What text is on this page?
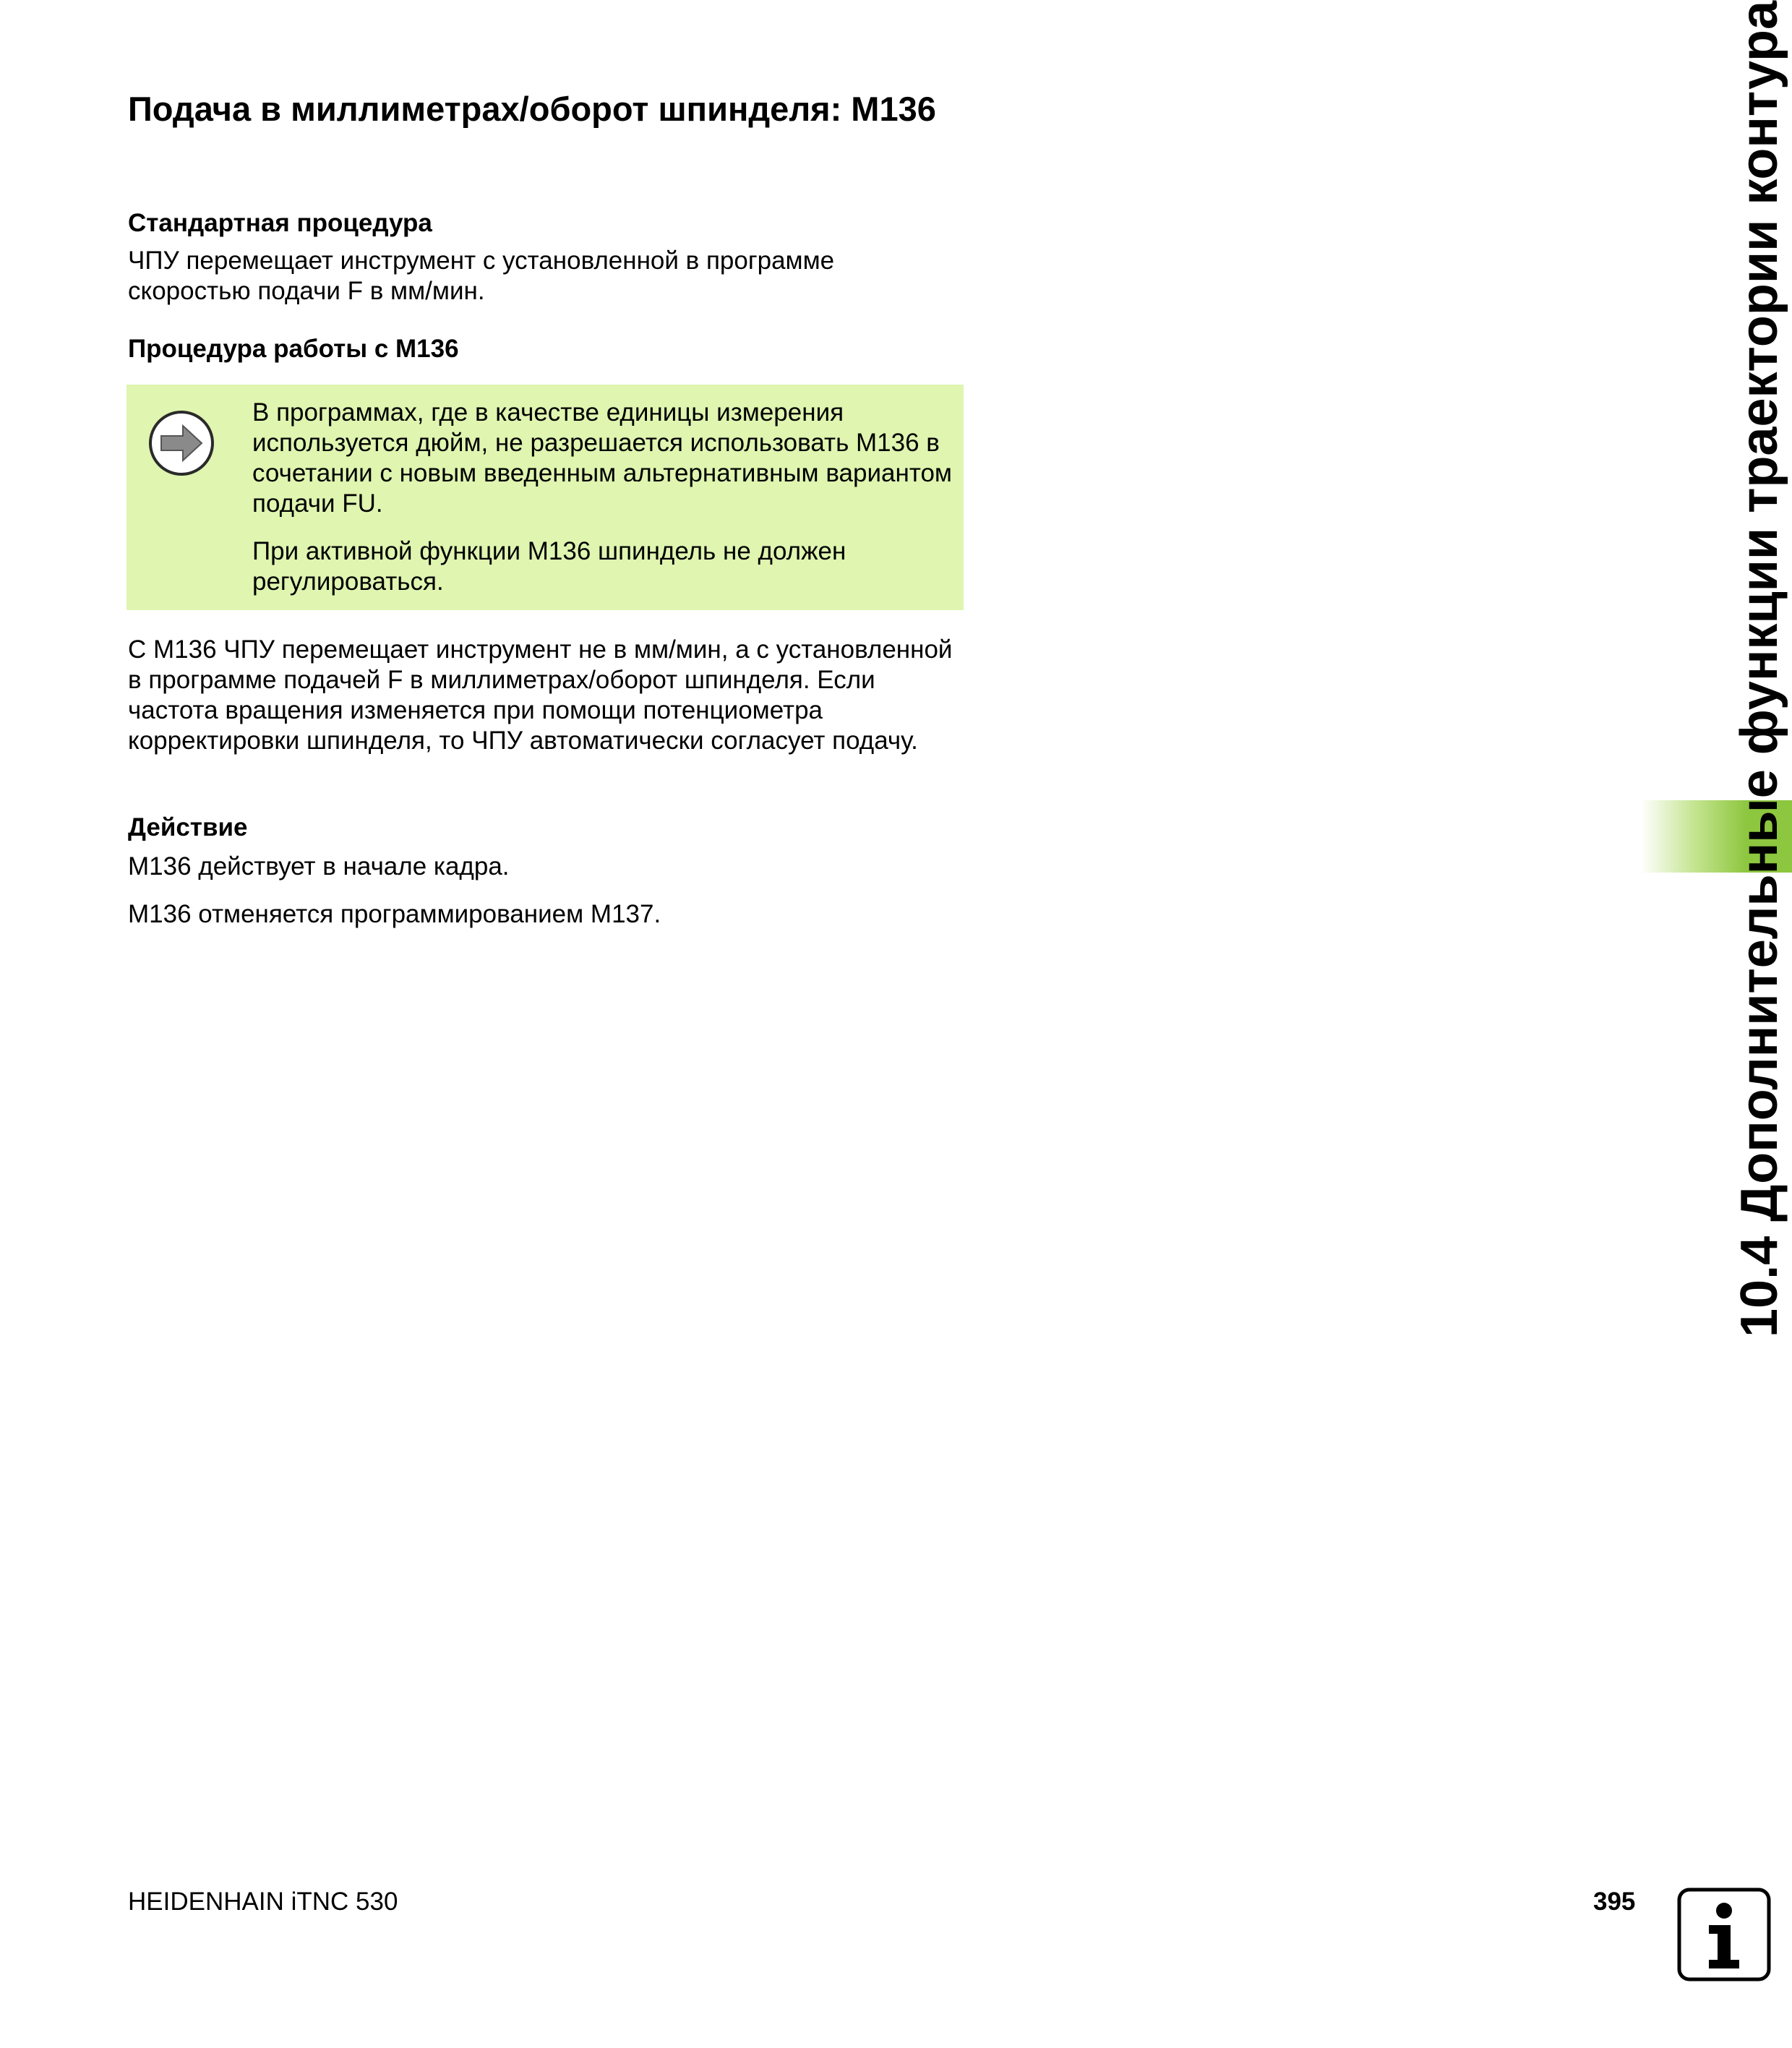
Подача в миллиметрах/оборот шпинделя: M136
Стандартная процедура

ЧПУ перемещает инструмент с установленной в программе скоростью подачи F в мм/мин.

Процедура работы с M136

В программах, где в качестве единицы измерения используется дюйм, не разрешается использовать M136 в сочетании с новым введенным альтернативным вариантом подачи FU.

При активной функции M136 шпиндель не должен регулироваться.

С M136 ЧПУ перемещает инструмент не в мм/мин, а с установленной в программе подачей F в миллиметрах/оборот шпинделя. Если частота вращения изменяется при помощи потенциометра корректировки шпинделя, то ЧПУ автоматически согласует подачу.

Действие

M136 действует в начале кадра.

M136 отменяется программированием M137.	10.4 Дополнительные функции траектории контура
HEIDENHAIN iTNC 530	395
